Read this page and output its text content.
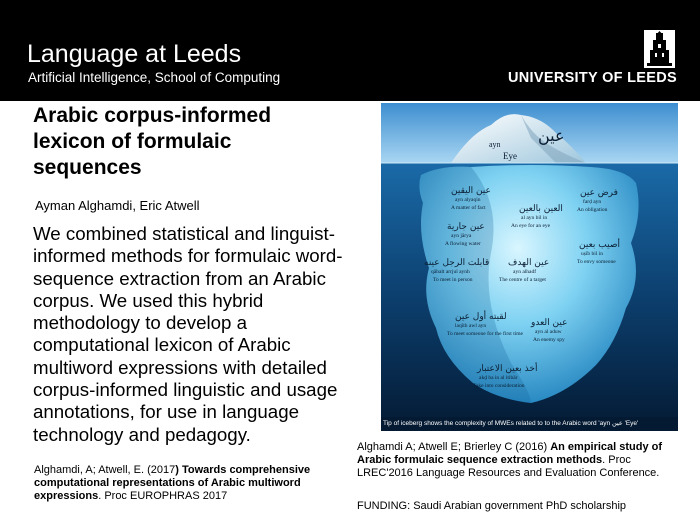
Language at Leeds
Artificial Intelligence, School of Computing	UNIVERSITY OF LEEDS
Arabic corpus-informed lexicon of formulaic sequences
Ayman Alghamdi, Eric Atwell
We combined statistical and linguist-informed methods for formulaic word-sequence extraction from an Arabic corpus. We used this hybrid methodology to develop a computational lexicon of Arabic multiword expressions with detailed corpus-informed linguistic and usage annotations, for use in language technology and pedagogy.
Alghamdi, A; Atwell, E. (2017) Towards comprehensive computational representations of Arabic multiword expressions. Proc EUROPHRAS 2017
Alghamdi A; Atwell E; Brierley C (2016) An empirical study of Arabic formulaic sequence extraction methods. Proc LREC'2016 Language Resources and Evaluation Conference.
FUNDING: Saudi Arabian government PhD scholarship
عين
ayn
Eye
عين اليقين
ayn alyaqin
A matter of fact
فرض عين
farḍ ayn
An obligation
العين بالعين
al ayn bil in
An eye for an eye
عين جارية
ayn jārya
A flowing water	أصيب بعين
uṣīb bil in
To envy someone
قابلت الرجل عينه
qābalt arrjul aynh
To meet in person
عين الهدف
ayn alhadf
The centre of a target
لقيته أول عين
laqīth awl ayn
To meet someone for the first time
عين العدو
ayn al aduw
An enemy spy
أخذ بعين الاعتبار
akḏ ba in al itibār
Take into consideration
Tip of iceberg shows the complexity of MWEs related to to the Arabic word 'ayn عين 'Eye'
